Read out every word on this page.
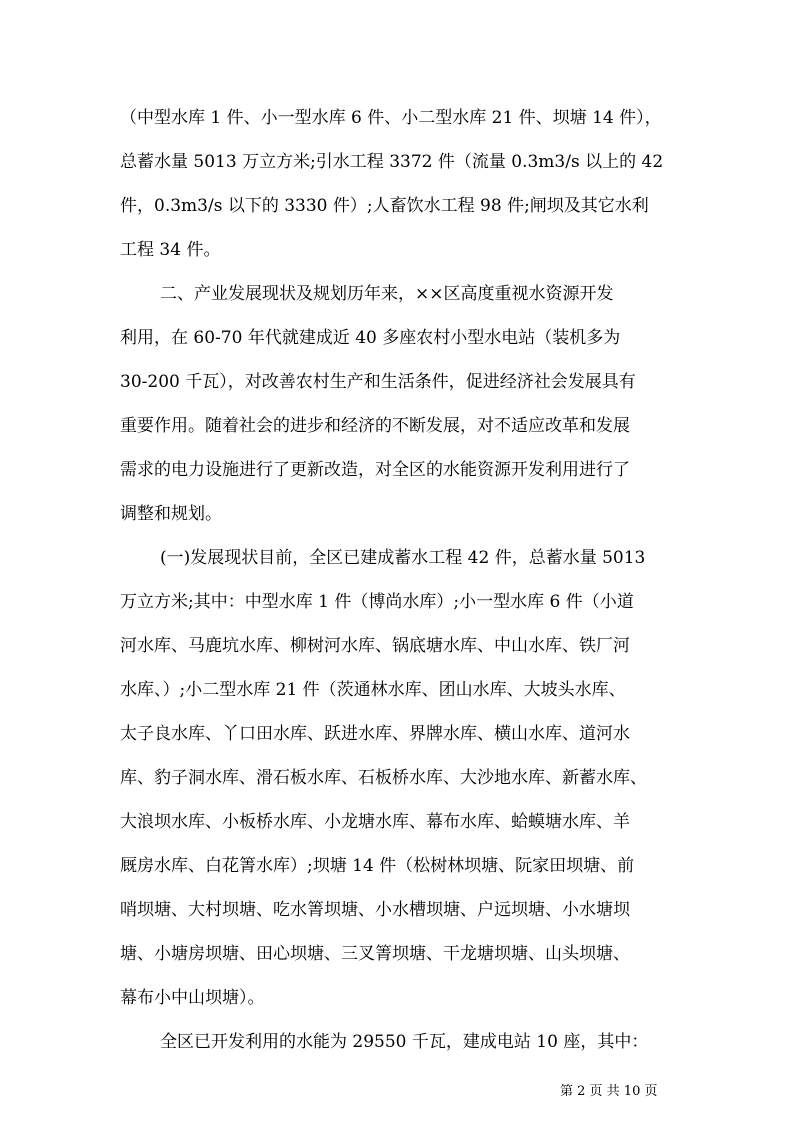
（中型水库 1 件、小一型水库 6 件、小二型水库 21 件、坝塘 14 件），
总蓄水量 5013 万立方米;引水工程 3372 件（流量 0.3m3/s 以上的 42
件，0.3m3/s 以下的 3330 件）;人畜饮水工程 98 件;闸坝及其它水利
工程 34 件。
二、产业发展现状及规划历年来，××区高度重视水资源开发
利用，在 60-70 年代就建成近 40 多座农村小型水电站（装机多为
30-200 千瓦），对改善农村生产和生活条件，促进经济社会发展具有
重要作用。随着社会的进步和经济的不断发展，对不适应改革和发展
需求的电力设施进行了更新改造，对全区的水能资源开发利用进行了
调整和规划。
(一)发展现状目前，全区已建成蓄水工程 42 件，总蓄水量 5013
万立方米;其中：中型水库 1 件（博尚水库）;小一型水库 6 件（小道
河水库、马鹿坑水库、柳树河水库、锅底塘水库、中山水库、铁厂河
水库、）;小二型水库 21 件（茨通林水库、团山水库、大坡头水库、
太子良水库、丫口田水库、跃进水库、界牌水库、横山水库、道河水
库、豹子洞水库、滑石板水库、石板桥水库、大沙地水库、新蓄水库、
大浪坝水库、小板桥水库、小龙塘水库、幕布水库、蛤蟆塘水库、羊
厩房水库、白花箐水库）;坝塘 14 件（松树林坝塘、阮家田坝塘、前
哨坝塘、大村坝塘、吃水箐坝塘、小水槽坝塘、户远坝塘、小水塘坝
塘、小塘房坝塘、田心坝塘、三叉箐坝塘、干龙塘坝塘、山头坝塘、
幕布小中山坝塘）。
全区已开发利用的水能为 29550 千瓦，建成电站 10 座，其中：
第 2 页 共 10 页
